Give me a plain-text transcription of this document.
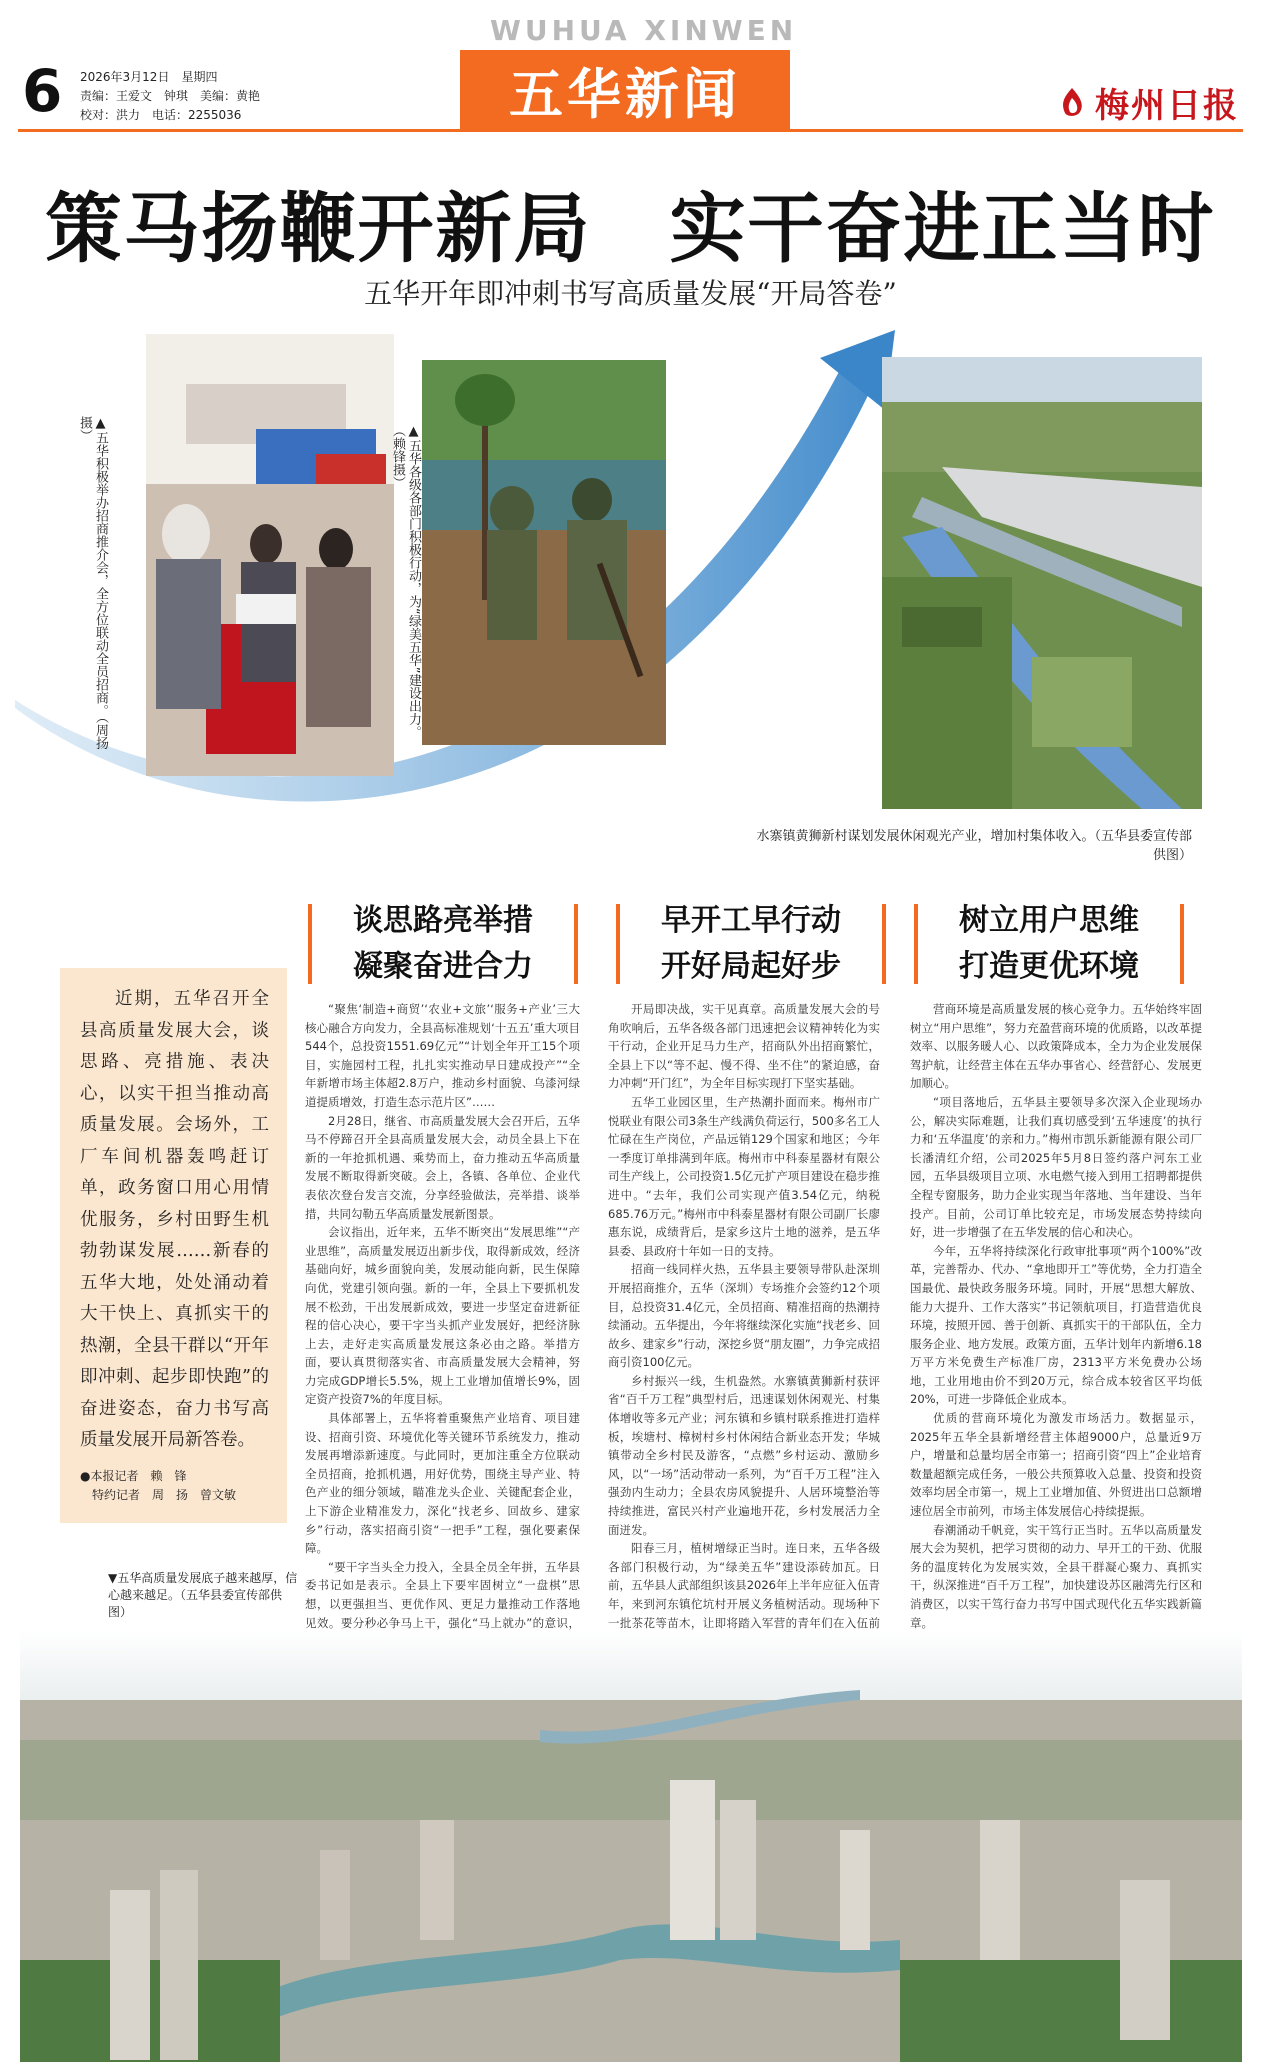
6 2026年3月12日　星期四
责编：王爱文　钟琪　美编：黄艳
校对：洪力　电话：2255036
WUHUA XINWEN
五华新闻	梅州日报
策马扬鞭开新局　实干奋进正当时
五华开年即冲刺书写高质量发展“开局答卷”
▲五华积极举办招商推介会，全方位联动全员招商。（周扬摄）	▲五华各级各部门积极行动，为“绿美五华”建设出力。（赖锋摄）
水寨镇黄狮新村谋划发展休闲观光产业，增加村集体收入。（五华县委宣传部供图）
谈思路亮举措
凝聚奋进合力
早开工早行动
开好局起好步
树立用户思维
打造更优环境

近期，五华召开全县高质量发展大会，谈思路、亮措施、表决心，以实干担当推动高质量发展。会场外，工厂车间机器轰鸣赶订单，政务窗口用心用情优服务，乡村田野生机勃勃谋发展……新春的五华大地，处处涌动着大干快上、真抓实干的热潮，全县干群以“开年即冲刺、起步即快跑”的奋进姿态，奋力书写高质量发展开局新答卷。

●本报记者　赖　锋
特约记者　周　扬　曾文敏
▼五华高质量发展底子越来越厚，信心越来越足。（五华县委宣传部供图）

“聚焦‘制造+商贸’‘农业+文旅’‘服务+产业’三大核心融合方向发力，全县高标准规划‘十五五’重大项目544个，总投资1551.69亿元”“计划全年开工15个项目，实施园村工程，扎扎实实推动早日建成投产”“全年新增市场主体超2.8万户，推动乡村面貌、乌漆河绿道提质增效，打造生态示范片区”……

2月28日，继省、市高质量发展大会召开后，五华马不停蹄召开全县高质量发展大会，动员全县上下在新的一年抢抓机遇、乘势而上，奋力推动五华高质量发展不断取得新突破。会上，各镇、各单位、企业代表依次登台发言交流，分享经验做法，亮举措、谈举措，共同勾勒五华高质量发展新图景。

会议指出，近年来，五华不断突出“发展思维”“产业思维”，高质量发展迈出新步伐，取得新成效，经济基础向好，城乡面貌向美，发展动能向新，民生保障向优，党建引领向强。新的一年，全县上下要抓机发展不松劲，干出发展新成效，要进一步坚定奋进新征程的信心决心，要干字当头抓产业发展好，把经济脉上去，走好走实高质量发展这条必由之路。举措方面，要认真贯彻落实省、市高质量发展大会精神，努力完成GDP增长5.5%，规上工业增加值增长9%，固定资产投资7%的年度目标。

具体部署上，五华将着重聚焦产业培育、项目建设、招商引资、环境优化等关键环节系统发力，推动发展再增添新速度。与此同时，更加注重全方位联动全员招商，抢抓机遇，用好优势，围绕主导产业、特色产业的细分领域，瞄准龙头企业、关键配套企业，上下游企业精准发力，深化“找老乡、回故乡、建家乡”行动，落实招商引资“一把手”工程，强化要素保障。

“要干字当头全力投入，全县全员全年拼，五华县委书记如是表示。全县上下要牢固树立“一盘棋”思想，以更强担当、更优作风、更足力量推动工作落地见效。要分秒必争马上干，强化“马上就办”的意识，

开局即决战，实干见真章。高质量发展大会的号角吹响后，五华各级各部门迅速把会议精神转化为实干行动，企业开足马力生产，招商队外出招商繁忙，全县上下以“等不起、慢不得、坐不住”的紧迫感，奋力冲刺“开门红”，为全年目标实现打下坚实基础。

五华工业园区里，生产热潮扑面而来。梅州市广悦联业有限公司3条生产线满负荷运行，500多名工人忙碌在生产岗位，产品远销129个国家和地区；今年一季度订单排满到年底。梅州市中科泰星器材有限公司生产线上，公司投资1.5亿元扩产项目建设在稳步推进中。“去年，我们公司实现产值3.54亿元，纳税685.76万元。”梅州市中科泰星器材有限公司副厂长廖惠东说，成绩背后，是家乡这片土地的滋养，是五华县委、县政府十年如一日的支持。

招商一线同样火热，五华县主要领导带队赴深圳开展招商推介，五华（深圳）专场推介会签约12个项目，总投资31.4亿元，全员招商、精准招商的热潮持续涌动。五华提出，今年将继续深化实施“找老乡、回故乡、建家乡”行动，深挖乡贤“朋友圈”，力争完成招商引资100亿元。

乡村振兴一线，生机盎然。水寨镇黄狮新村获评省“百千万工程”典型村后，迅速谋划休闲观光、村集体增收等多元产业；河东镇和乡镇村联系推进打造样板，埃塘村、樟树村乡村休闲结合新业态开发；华城镇带动全乡村民及游客，“点燃”乡村运动、激励乡风，以“一场”活动带动一系列，为“百千万工程”注入强劲内生动力；全县农房风貌提升、人居环境整治等持续推进，富民兴村产业遍地开花，乡村发展活力全面迸发。

阳春三月，植树增绿正当时。连日来，五华各级各部门积极行动，为“绿美五华”建设添砖加瓦。日前，五华县人武部组织该县2026年上半年应征入伍青年，来到河东镇佗坑村开展义务植树活动。现场种下一批茶花等苗木，让即将踏入军营的青年们在入伍前

营商环境是高质量发展的核心竞争力。五华始终牢固树立“用户思维”，努力充盈营商环境的优质路，以改革提效率、以服务暖人心、以政策降成本，全力为企业发展保驾护航，让经营主体在五华办事省心、经营舒心、发展更加顺心。

“项目落地后，五华县主要领导多次深入企业现场办公，解决实际难题，让我们真切感受到‘五华速度’的执行力和‘五华温度’的亲和力。”梅州市凯乐新能源有限公司厂长潘清红介绍，公司2025年5月8日签约落户河东工业园，五华县级项目立项、水电燃气接入到用工招聘都提供全程专窗服务，助力企业实现当年落地、当年建设、当年投产。目前，公司订单比较充足，市场发展态势持续向好，进一步增强了在五华发展的信心和决心。

今年，五华将持续深化行政审批事项“两个100%”改革，完善帮办、代办、“拿地即开工”等优势，全力打造全国最优、最快政务服务环境。同时，开展“思想大解放、能力大提升、工作大落实”书记领航项目，打造营造优良环境，按照开园、善于创新、真抓实干的干部队伍，全力服务企业、地方发展。政策方面，五华计划年内新增6.18万平方米免费生产标准厂房，2313平方米免费办公场地，工业用地由价不到20万元，综合成本较省区平均低20%，可进一步降低企业成本。

优质的营商环境化为激发市场活力。数据显示，2025年五华全县新增经营主体超9000户，总量近9万户，增量和总量均居全市第一；招商引资“四上”企业培育数量超额完成任务，一般公共预算收入总量、投资和投资效率均居全市第一，规上工业增加值、外贸进出口总额增速位居全市前列，市场主体发展信心持续提振。

春潮涌动千帆竞，实干笃行正当时。五华以高质量发展大会为契机，把学习贯彻的动力、早开工的干劲、优服务的温度转化为发展实效，全县干群凝心聚力、真抓实干，纵深推进“百千万工程”，加快建设苏区融湾先行区和消费区，以实干笃行奋力书写中国式现代化五华实践新篇章。
